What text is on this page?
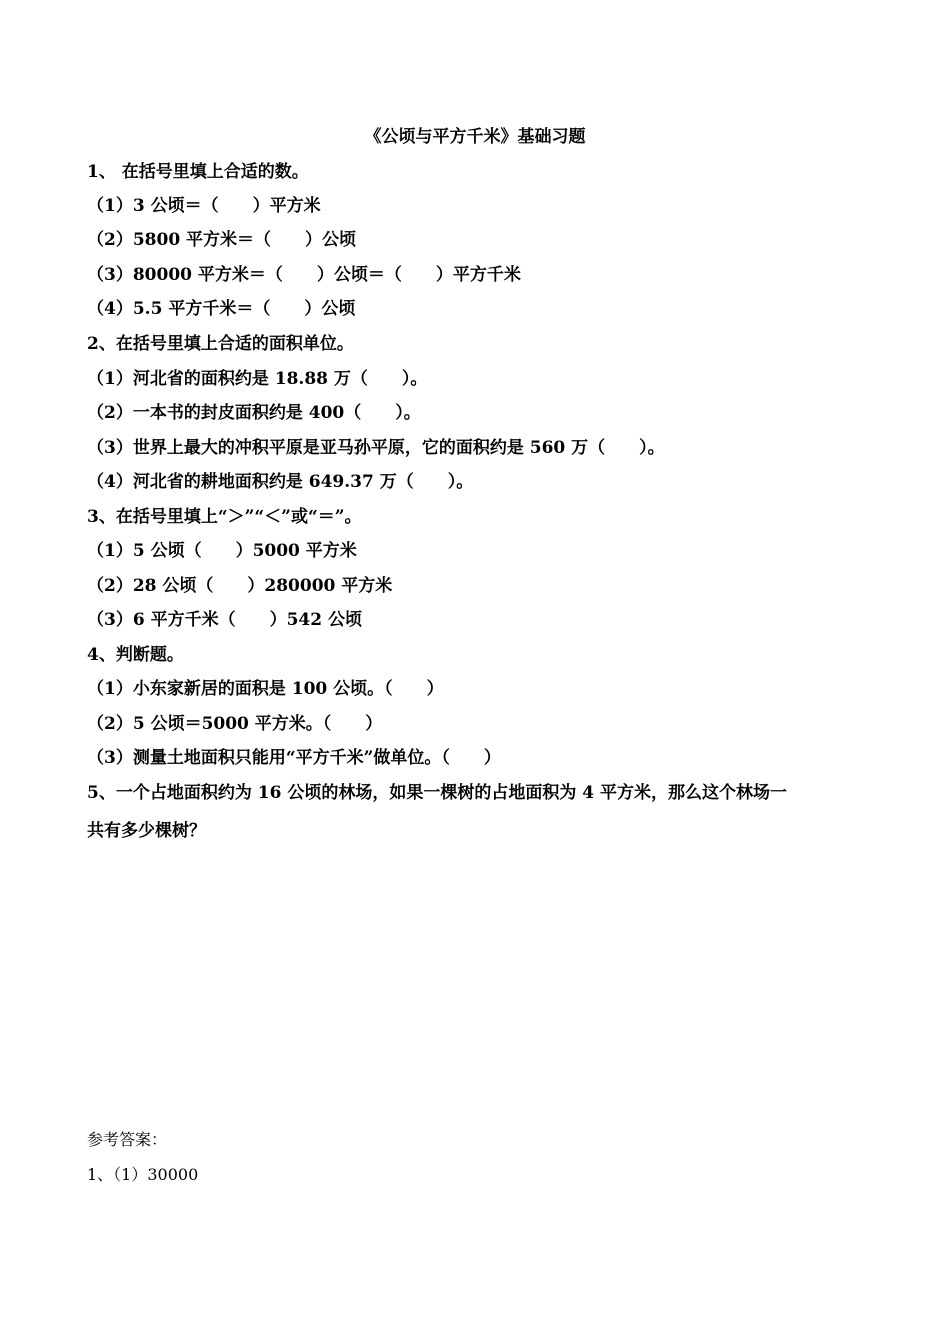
《公顷与平方千米》基础习题
1、 在括号里填上合适的数。
（1）3 公顷＝（　　）平方米
（2）5800 平方米＝（　　）公顷
（3）80000 平方米＝（　　）公顷＝（　　）平方千米
（4）5.5 平方千米＝（　　）公顷
2、在括号里填上合适的面积单位。
（1）河北省的面积约是 18.88 万（　　）。
（2）一本书的封皮面积约是 400（　　）。
（3）世界上最大的冲积平原是亚马孙平原，它的面积约是 560 万（　　）。
（4）河北省的耕地面积约是 649.37 万（　　）。
3、在括号里填上“＞”“＜”或“＝”。
（1）5 公顷（　　）5000 平方米
（2）28 公顷（　　）280000 平方米
（3）6 平方千米（　　）542 公顷
4、判断题。
（1）小东家新居的面积是 100 公顷。（　　）
（2）5 公顷＝5000 平方米。（　　）
（3）测量土地面积只能用“平方千米”做单位。（　　）
5、一个占地面积约为 16 公顷的林场，如果一棵树的占地面积为 4 平方米，那么这个林场一
共有多少棵树？
参考答案：
1、（1）30000
